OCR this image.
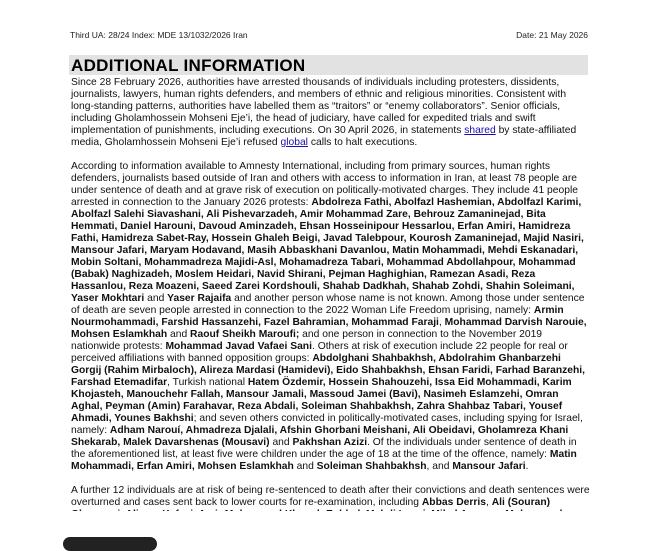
Third UA: 28/24 Index: MDE 13/1032/2026 Iran	Date: 21 May 2026
ADDITIONAL INFORMATION

Since 28 February 2026, authorities have arrested thousands of individuals including protesters, dissidents, journalists, lawyers, human rights defenders, and members of ethnic and religious minorities. Consistent with long-standing patterns, authorities have labelled them as “traitors” or “enemy collaborators”. Senior officials, including Gholamhossein Mohseni Eje’i, the head of judiciary, have called for expedited trials and swift implementation of punishments, including executions. On 30 April 2026, in statements shared by state-affiliated media, Gholamhossein Mohseni Eje’i refused global calls to halt executions.

According to information available to Amnesty International, including from primary sources, human rights defenders, journalists based outside of Iran and others with access to information in Iran, at least 78 people are under sentence of death and at grave risk of execution on politically-motivated charges. They include 41 people arrested in connection to the January 2026 protests: Abdolreza Fathi, Abolfazl Hashemian, Abdolfazl Karimi, Abolfazl Salehi Siavashani, Ali Pishevarzadeh, Amir Mohammad Zare, Behrouz Zamaninejad, Bita Hemmati, Daniel Harouni, Davoud Aminzadeh, Ehsan Hosseinipour Hessarlou, Erfan Amiri, Hamidreza Fathi, Hamidreza Sabet-Ray, Hossein Ghaleh Beigi, Javad Talebpour, Kourosh Zamaninejad, Majid Nasiri, Mansour Jafari, Maryam Hodavand, Masih Abbaskhani Davanlou, Matin Mohammadi, Mehdi Eskanadari, Mobin Soltani, Mohammadreza Majidi-Asl, Mohamadreza Tabari, Mohammad Abdollahpour, Mohammad (Babak) Naghizadeh, Moslem Heidari, Navid Shirani, Pejman Haghighian, Ramezan Asadi, Reza Hassanlou, Reza Moazeni, Saeed Zarei Kordshouli, Shahab Dadkhah, Shahab Zohdi, Shahin Soleimani, Yaser Mokhtari and Yaser Rajaifa and another person whose name is not known. Among those under sentence of death are seven people arrested in connection to the 2022 Woman Life Freedom uprising, namely: Armin Nourmohammadi, Farshid Hassanzehi, Fazel Bahramian, Mohammad Faraji, Mohammad Darvish Narouie, Mohsen Eslamkhah and Raouf Sheikh Maroufi; and one person in connection to the November 2019 nationwide protests: Mohammad Javad Vafaei Sani. Others at risk of execution include 22 people for real or perceived affiliations with banned opposition groups: Abdolghani Shahbakhsh, Abdolrahim Ghanbarzehi Gorgij (Rahim Mirbaloch), Alireza Mardasi (Hamidevi), Eido Shahbakhsh, Ehsan Faridi, Farhad Baranzehi, Farshad Etemadifar, Turkish national Hatem Özdemir, Hossein Shahouzehi, Issa Eid Mohammadi, Karim Khojasteh, Manouchehr Fallah, Mansour Jamali, Massoud Jamei (Bavi), Nasimeh Eslamzehi, Omran Aghal, Peyman (Amin) Farahavar, Reza Abdali, Soleiman Shahbakhsh, Zahra Shahbaz Tabari, Yousef Ahmadi, Younes Bakhshi; and seven others convicted in politically-motivated cases, including spying for Israel, namely: Adham Narouí, Ahmadreza Djalali, Afshin Ghorbani Meishani, Ali Obeidavi, Gholamreza Khani Shekarab, Malek Davarshenas (Mousavi) and Pakhshan Azizi. Of the individuals under sentence of death in the aforementioned list, at least five were children under the age of 18 at the time of the offence, namely: Matin Mohammadi, Erfan Amiri, Mohsen Eslamkhah and Soleiman Shahbakhsh, and Mansour Jafari.

A further 12 individuals are at risk of being re-sentenced to death after their convictions and death sentences were overturned and cases sent back to lower courts for re-examination, including Abbas Derris, Ali (Souran)
